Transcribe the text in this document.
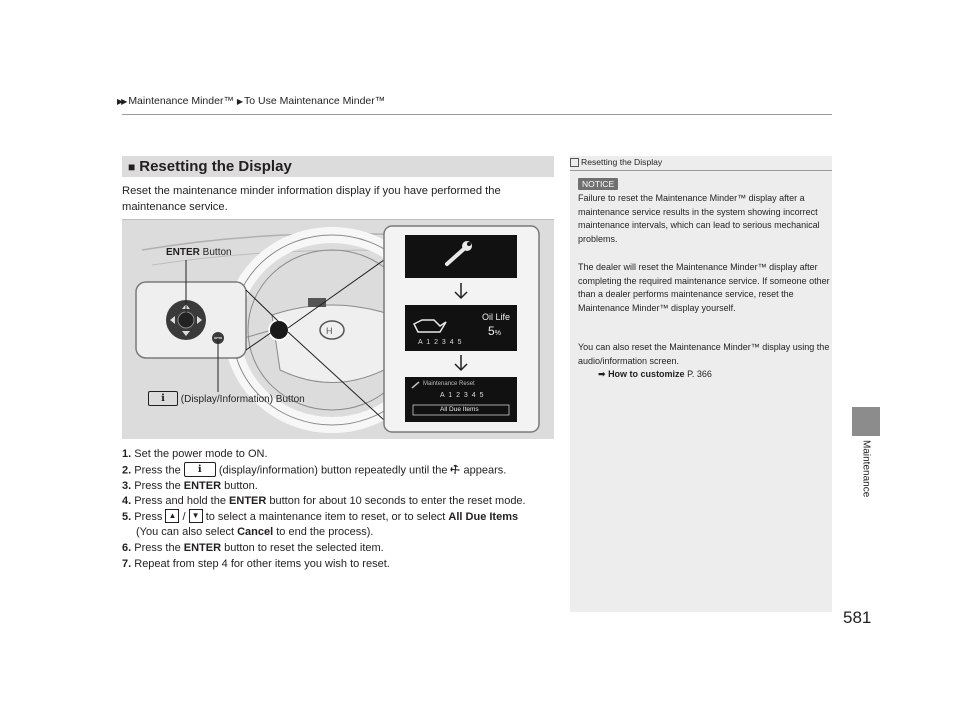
▶▶ Maintenance Minder™ ▶ To Use Maintenance Minder™
Maintenance
■ Resetting the Display
Reset the maintenance minder information display if you have performed the maintenance service.
H
ENTER Button
ℹ (Display/Information) Button
Oil Life
5%
A 1 2 3 4 5
Maintenance Reset
A 1 2 3 4 5
All Due Items
1. Set the power mode to ON.
2. Press the ℹ (display/information) button repeatedly until the ⚒ appears.
3. Press the ENTER button.
4. Press and hold the ENTER button for about 10 seconds to enter the reset mode.
5. Press ▲ / ▼ to select a maintenance item to reset, or to select All Due Items
(You can also select Cancel to end the process).
6. Press the ENTER button to reset the selected item.
7. Repeat from step 4 for other items you wish to reset.
Resetting the Display
NOTICE
Failure to reset the Maintenance Minder™ display after a maintenance service results in the system showing incorrect maintenance intervals, which can lead to serious mechanical problems.
The dealer will reset the Maintenance Minder™ display after completing the required maintenance service. If someone other than a dealer performs maintenance service, reset the Maintenance Minder™ display yourself.
You can also reset the Maintenance Minder™ display using the audio/information screen.
➡ How to customize P. 366
581
